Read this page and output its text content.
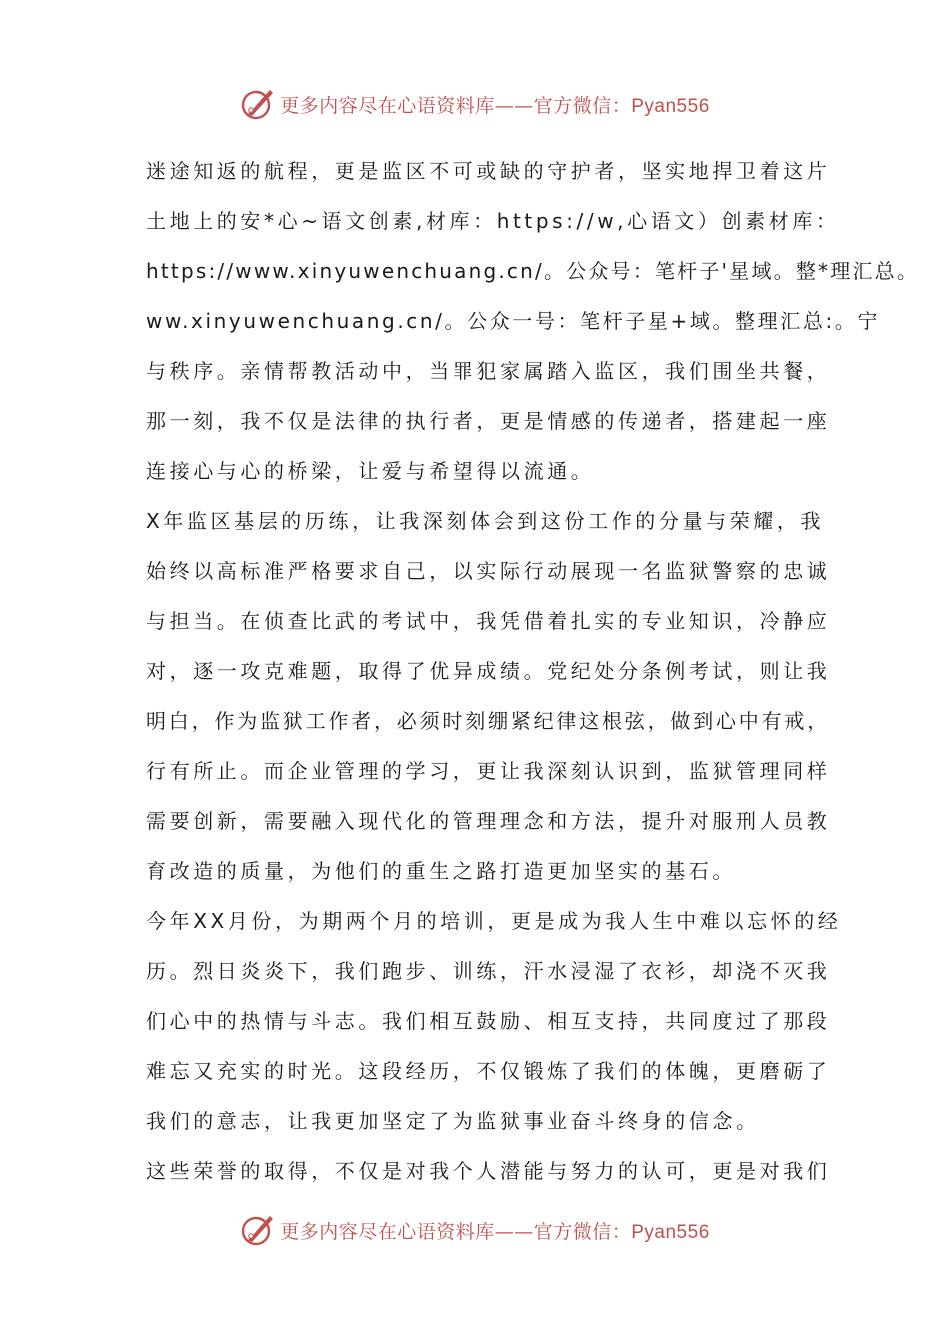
更多内容尽在心语资料库——官方微信：Pyan556
迷途知返的航程，更是监区不可或缺的守护者，坚实地捍卫着这片
土地上的安*心~语文创素,材库：https://w,心语文）创素材库：
https://www.xinyuwenchuang.cn/。公众号：笔杆子'星域。整*理汇总。
ww.xinyuwenchuang.cn/。公众一号：笔杆子星+域。整理汇总:。宁
与秩序。亲情帮教活动中，当罪犯家属踏入监区，我们围坐共餐，
那一刻，我不仅是法律的执行者，更是情感的传递者，搭建起一座
连接心与心的桥梁，让爱与希望得以流通。
X年监区基层的历练，让我深刻体会到这份工作的分量与荣耀，我
始终以高标准严格要求自己，以实际行动展现一名监狱警察的忠诚
与担当。在侦查比武的考试中，我凭借着扎实的专业知识，冷静应
对，逐一攻克难题，取得了优异成绩。党纪处分条例考试，则让我
明白，作为监狱工作者，必须时刻绷紧纪律这根弦，做到心中有戒，
行有所止。而企业管理的学习，更让我深刻认识到，监狱管理同样
需要创新，需要融入现代化的管理理念和方法，提升对服刑人员教
育改造的质量，为他们的重生之路打造更加坚实的基石。
今年XX月份，为期两个月的培训，更是成为我人生中难以忘怀的经
历。烈日炎炎下，我们跑步、训练，汗水浸湿了衣衫，却浇不灭我
们心中的热情与斗志。我们相互鼓励、相互支持，共同度过了那段
难忘又充实的时光。这段经历，不仅锻炼了我们的体魄，更磨砺了
我们的意志，让我更加坚定了为监狱事业奋斗终身的信念。
这些荣誉的取得，不仅是对我个人潜能与努力的认可，更是对我们
更多内容尽在心语资料库——官方微信：Pyan556
